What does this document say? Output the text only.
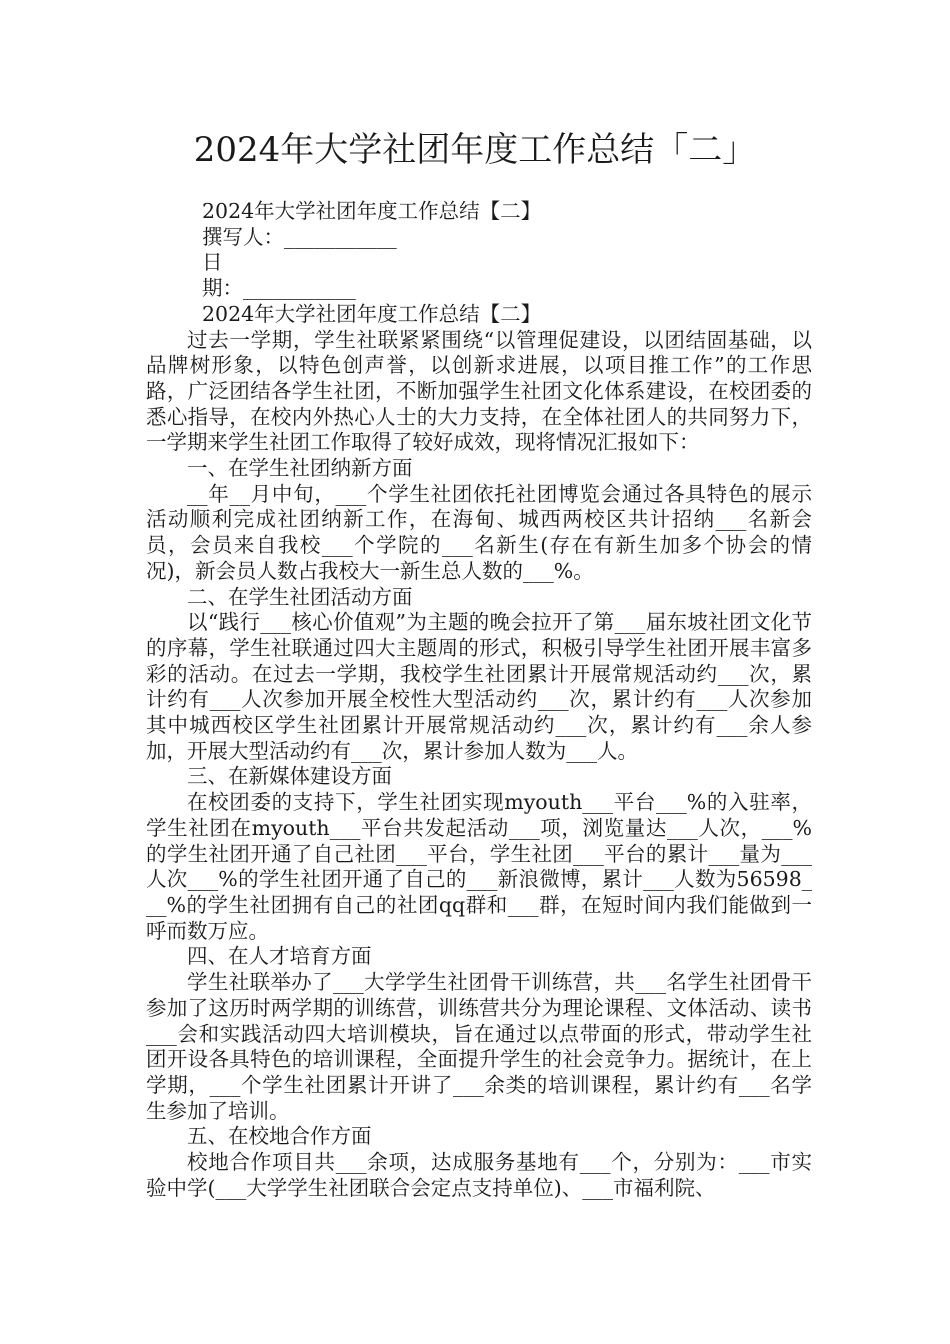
2024年大学社团年度工作总结「二」

2024年大学社团年度工作总结【二】

撰写人：___________

日

期：___________

2024年大学社团年度工作总结【二】

过去一学期，学生社联紧紧围绕“以管理促建设，以团结固基础，以品牌树形象，以特色创声誉，以创新求进展，以项目推工作”的工作思路，广泛团结各学生社团，不断加强学生社团文化体系建设，在校团委的悉心指导，在校内外热心人士的大力支持，在全体社团人的共同努力下，一学期来学生社团工作取得了较好成效，现将情况汇报如下：

一、在学生社团纳新方面

__年__月中旬，___个学生社团依托社团博览会通过各具特色的展示活动顺利完成社团纳新工作，在海甸、城西两校区共计招纳___名新会员，会员来自我校___个学院的___名新生(存在有新生加多个协会的情况)，新会员人数占我校大一新生总人数的___%。

二、在学生社团活动方面

以“践行___核心价值观”为主题的晚会拉开了第___届东坡社团文化节的序幕，学生社联通过四大主题周的形式，积极引导学生社团开展丰富多彩的活动。在过去一学期，我校学生社团累计开展常规活动约___次，累计约有___人次参加开展全校性大型活动约___次，累计约有___人次参加其中城西校区学生社团累计开展常规活动约___次，累计约有___余人参加，开展大型活动约有___次，累计参加人数为___人。

三、在新媒体建设方面

在校团委的支持下，学生社团实现myouth___平台___%的入驻率，学生社团在myouth___平台共发起活动___项，浏览量达___人次，___%的学生社团开通了自己社团___平台，学生社团___平台的累计___量为___人次___%的学生社团开通了自己的___新浪微博，累计___人数为56598___%的学生社团拥有自己的社团qq群和___群，在短时间内我们能做到一呼而数万应。

四、在人才培育方面

学生社联举办了___大学学生社团骨干训练营，共___名学生社团骨干参加了这历时两学期的训练营，训练营共分为理论课程、文体活动、读书___会和实践活动四大培训模块，旨在通过以点带面的形式，带动学生社团开设各具特色的培训课程，全面提升学生的社会竞争力。据统计，在上学期，___个学生社团累计开讲了___余类的培训课程，累计约有___名学生参加了培训。

五、在校地合作方面

校地合作项目共___余项，达成服务基地有___个，分别为：___市实验中学(___大学学生社团联合会定点支持单位)、___市福利院、
